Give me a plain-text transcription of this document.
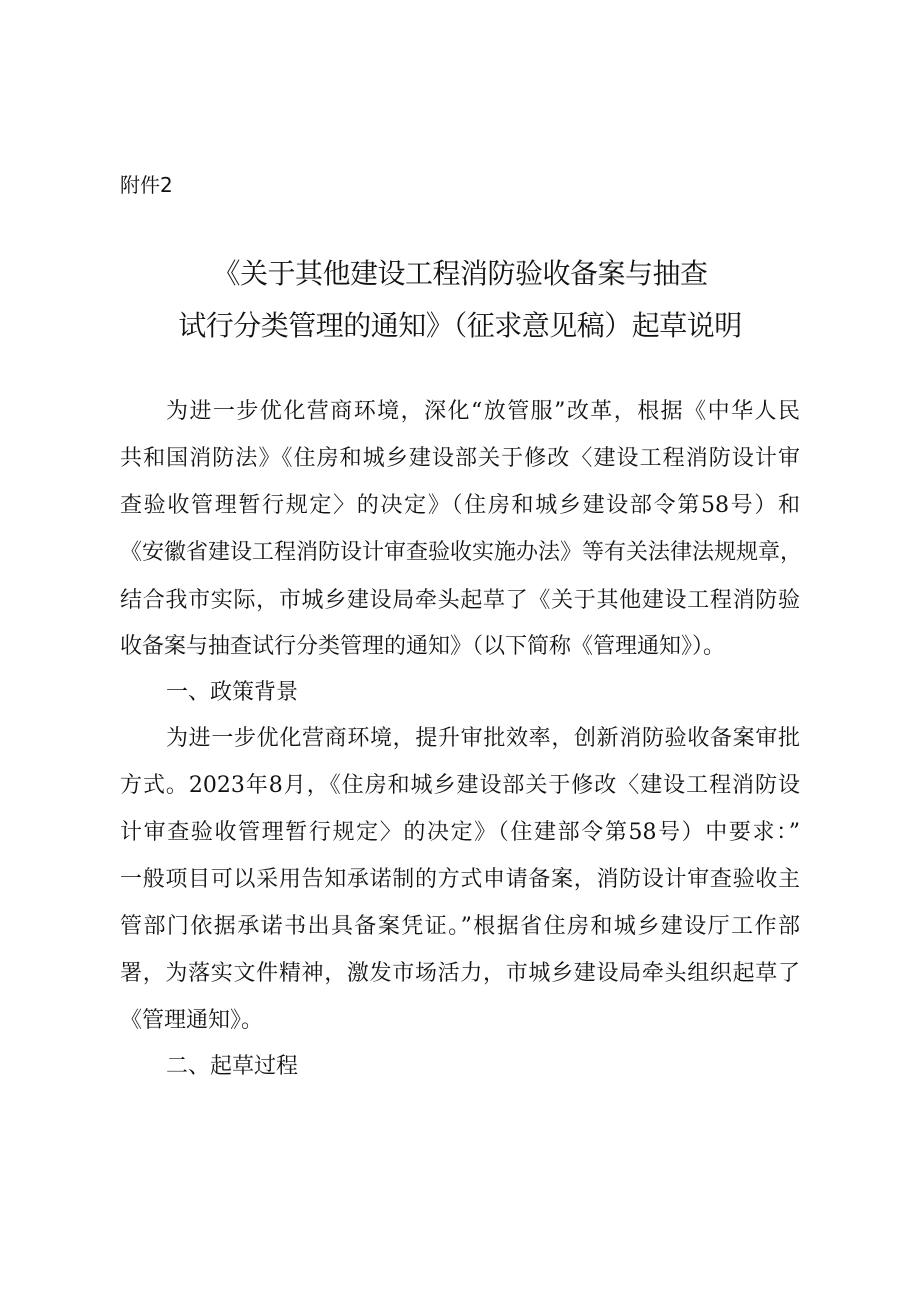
附件2
《关于其他建设工程消防验收备案与抽查
试行分类管理的通知》（征求意见稿）起草说明
为进一步优化营商环境，深化“放管服”改革，根据《中华人民
共和国消防法》《住房和城乡建设部关于修改〈建设工程消防设计审
查验收管理暂行规定〉的决定》（住房和城乡建设部令第58号）和
《安徽省建设工程消防设计审查验收实施办法》等有关法律法规规章，
结合我市实际，市城乡建设局牵头起草了《关于其他建设工程消防验
收备案与抽查试行分类管理的通知》（以下简称《管理通知》）。
一、政策背景
为进一步优化营商环境，提升审批效率，创新消防验收备案审批
方式。2023年8月，《住房和城乡建设部关于修改〈建设工程消防设
计审查验收管理暂行规定〉的决定》（住建部令第58号）中要求：”
一般项目可以采用告知承诺制的方式申请备案，消防设计审查验收主
管部门依据承诺书出具备案凭证。”根据省住房和城乡建设厅工作部
署，为落实文件精神，激发市场活力，市城乡建设局牵头组织起草了
《管理通知》。
二、起草过程
